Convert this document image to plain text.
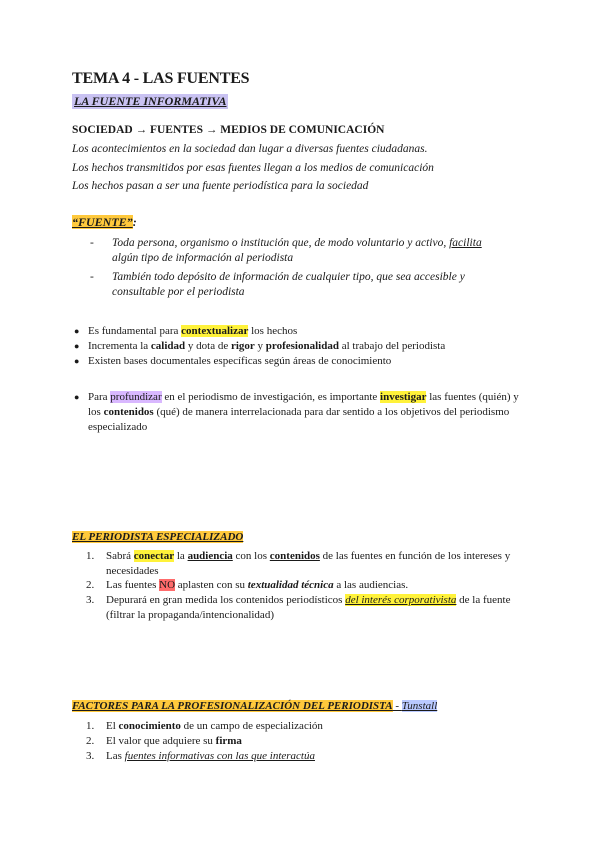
TEMA 4 - LAS FUENTES
LA FUENTE INFORMATIVA
SOCIEDAD → FUENTES → MEDIOS DE COMUNICACIÓN
Los acontecimientos en la sociedad dan lugar a diversas fuentes ciudadanas.
Los hechos transmitidos por esas fuentes llegan a los medios de comunicación
Los hechos pasan a ser una fuente periodística para la sociedad
“FUENTE”:
- Toda persona, organismo o institución que, de modo voluntario y activo, facilita algún tipo de información al periodista
- También todo depósito de información de cualquier tipo, que sea accesible y consultable por el periodista
● Es fundamental para contextualizar los hechos
● Incrementa la calidad y dota de rigor y profesionalidad al trabajo del periodista
● Existen bases documentales específicas según áreas de conocimiento
● Para profundizar en el periodismo de investigación, es importante investigar las fuentes (quién) y los contenidos (qué) de manera interrelacionada para dar sentido a los objetivos del periodismo especializado
EL PERIODISTA ESPECIALIZADO
1. Sabrá conectar la audiencia con los contenidos de las fuentes en función de los intereses y necesidades
2. Las fuentes NO aplasten con su textualidad técnica a las audiencias.
3. Depurará en gran medida los contenidos periodísticos del interés corporativista de la fuente (filtrar la propaganda/intencionalidad)
FACTORES PARA LA PROFESIONALIZACIÓN DEL PERIODISTA - Tunstall
1. El conocimiento de un campo de especialización
2. El valor que adquiere su firma
3. Las fuentes informativas con las que interactúa
